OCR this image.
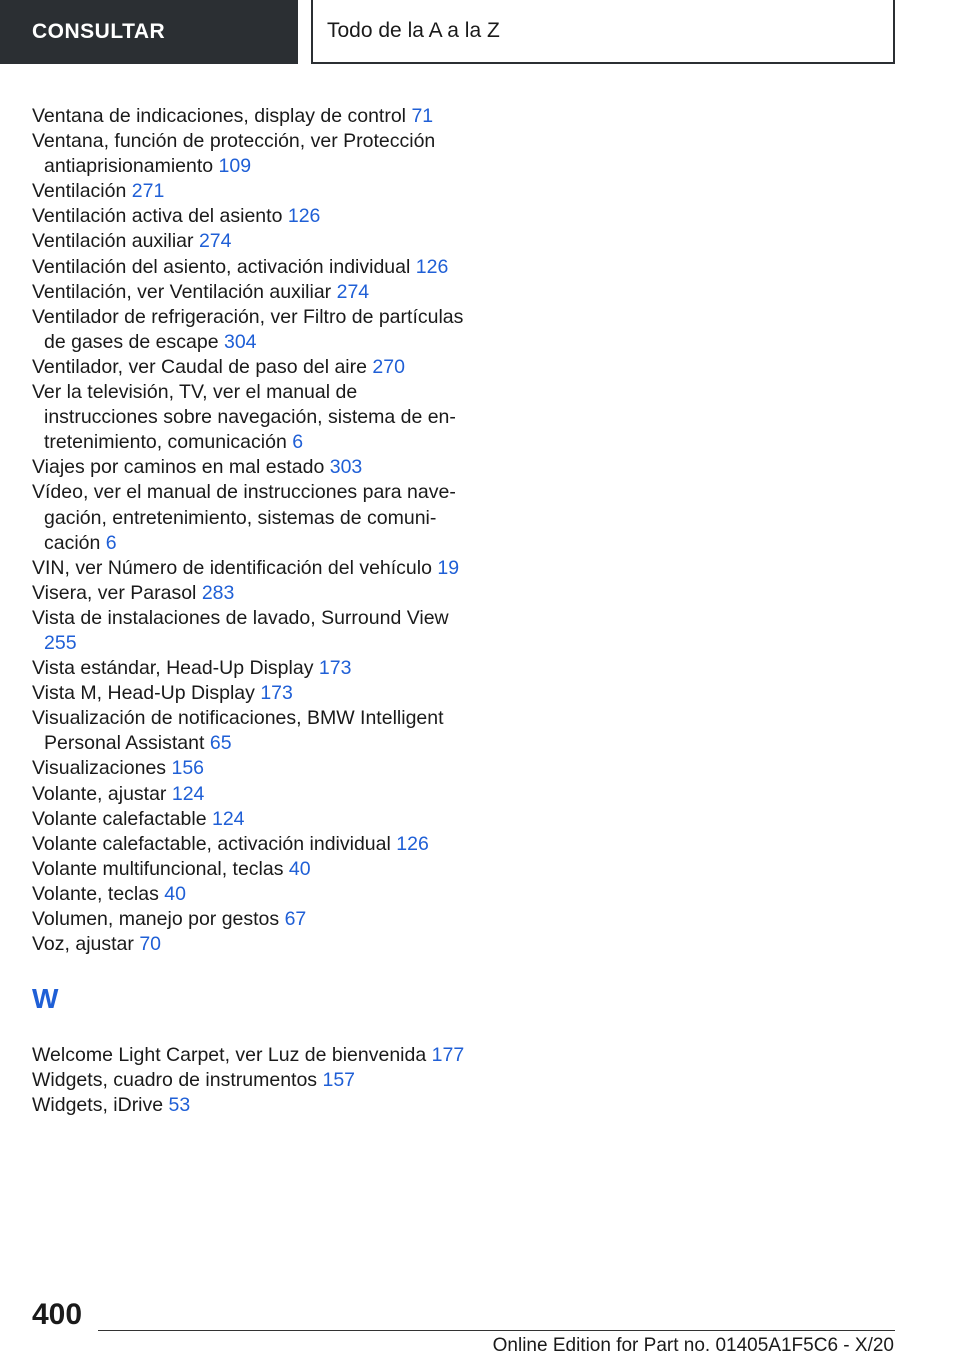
CONSULTAR	Todo de la A a la Z
Ventana de indicaciones, display de control 71
Ventana, función de protección, ver Protección antiaprisionamiento 109
Ventilación 271
Ventilación activa del asiento 126
Ventilación auxiliar 274
Ventilación del asiento, activación individual 126
Ventilación, ver Ventilación auxiliar 274
Ventilador de refrigeración, ver Filtro de partículas de gases de escape 304
Ventilador, ver Caudal de paso del aire 270
Ver la televisión, TV, ver el manual de instrucciones sobre navegación, sistema de entretenimiento, comunicación 6
Viajes por caminos en mal estado 303
Vídeo, ver el manual de instrucciones para navegación, entretenimiento, sistemas de comunicación 6
VIN, ver Número de identificación del vehículo 19
Visera, ver Parasol 283
Vista de instalaciones de lavado, Surround View 255
Vista estándar, Head-Up Display 173
Vista M, Head-Up Display 173
Visualización de notificaciones, BMW Intelligent Personal Assistant 65
Visualizaciones 156
Volante, ajustar 124
Volante calefactable 124
Volante calefactable, activación individual 126
Volante multifuncional, teclas 40
Volante, teclas 40
Volumen, manejo por gestos 67
Voz, ajustar 70
W
Welcome Light Carpet, ver Luz de bienvenida 177
Widgets, cuadro de instrumentos 157
Widgets, iDrive 53
400
Online Edition for Part no. 01405A1F5C6 - X/20
